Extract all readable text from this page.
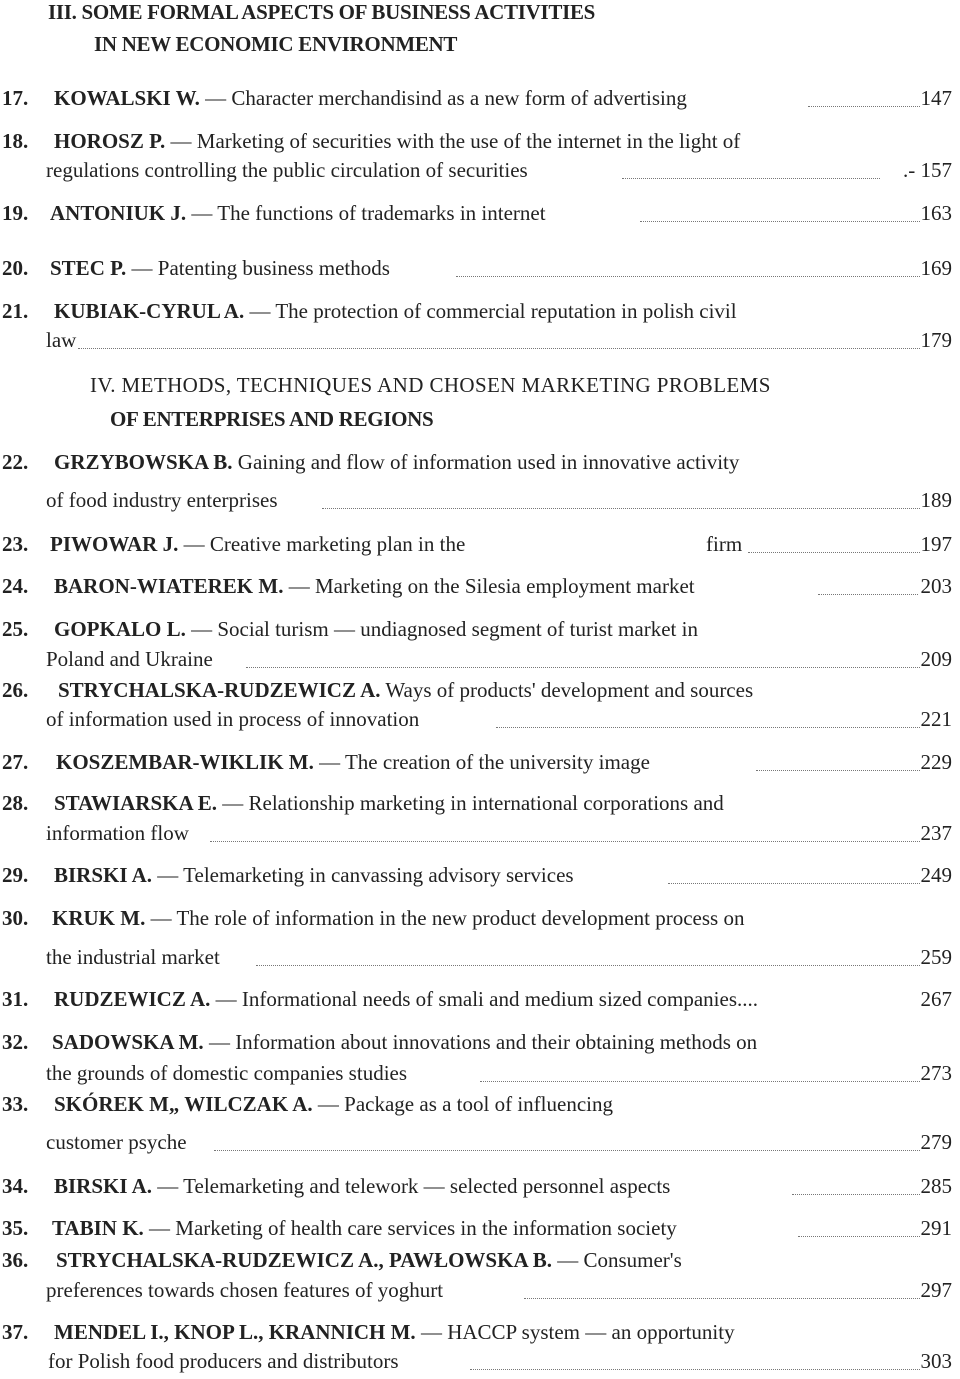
III. SOME FORMAL ASPECTS OF BUSINESS ACTIVITIES
IN NEW ECONOMIC ENVIRONMENT
17. KOWALSKI W. — Character merchandisind as a new form of advertising	147
18. HOROSZ P. — Marketing of securities with the use of the internet in the light of
regulations controlling the public circulation of securities	.- 157
19. ANTONIUK J. — The functions of trademarks in internet	163
20. STEC P. — Patenting business methods	169
21. KUBIAK-CYRUL A. — The protection of commercial reputation in polish civil
law	179
IV. METHODS, TECHNIQUES AND CHOSEN MARKETING PROBLEMS
OF ENTERPRISES AND REGIONS
22. GRZYBOWSKA B. Gaining and flow of information used in innovative activity
of food industry enterprises	189
23. PIWOWAR J. — Creative marketing plan in the	firm	197
24. BARON-WIATEREK M. — Marketing on the Silesia employment market	203
25. GOPKALO L. — Social turism — undiagnosed segment of turist market in
Poland and Ukraine	209
26. STRYCHALSKA-RUDZEWICZ A. Ways of products' development and sources
of information used in process of innovation	221
27. KOSZEMBAR-WIKLIK M. — The creation of the university image	229
28. STAWIARSKA E. — Relationship marketing in international corporations and
information flow	237
29. BIRSKI A. — Telemarketing in canvassing advisory services	249
30. KRUK M. — The role of information in the new product development process on
the industrial market	259
31. RUDZEWICZ A. — Informational needs of smali and medium sized companies....	267
32. SADOWSKA M. — Information about innovations and their obtaining methods on
the grounds of domestic companies studies	273
33. SKÓREK M„ WILCZAK A. — Package as a tool of influencing
customer psyche	279
34. BIRSKI A. — Telemarketing and telework — selected personnel aspects	285
35. TABIN K. — Marketing of health care services in the information society	291
36. STRYCHALSKA-RUDZEWICZ A., PAWŁOWSKA B. — Consumer's
preferences towards chosen features of yoghurt	297
37. MENDEL I., KNOP L., KRANNICH M. — HACCP system — an opportunity
for Polish food producers and distributors	303
